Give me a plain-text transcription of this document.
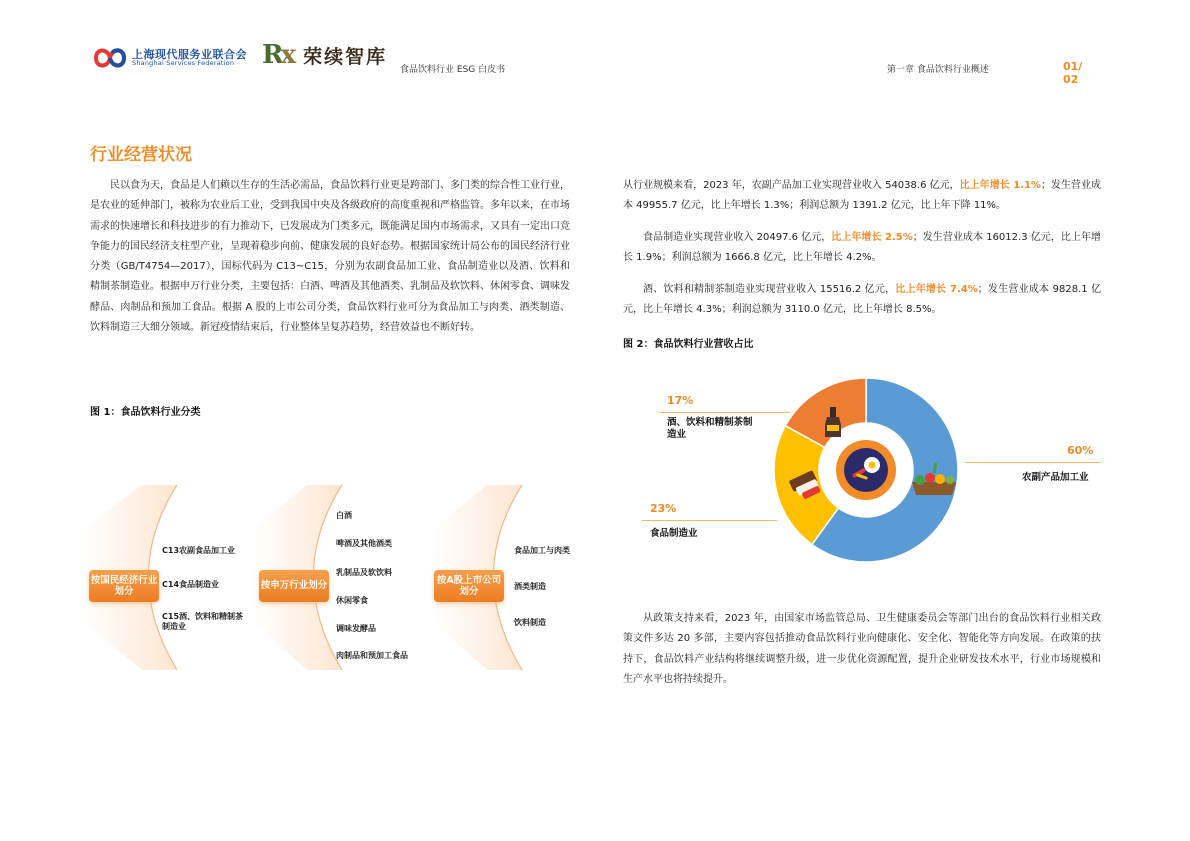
上海现代服务业联合会
Shanghai Services Federation	Rx 荣续智库
食品饮料行业 ESG 白皮书	第一章 食品饮料行业概述	01/ 02
行业经营状况
民以食为天，食品是人们赖以生存的生活必需品，食品饮料行业更是跨部门、多门类的综合性工业行业，是农业的延伸部门，被称为农业后工业，受到我国中央及各级政府的高度重视和严格监管。多年以来，在市场需求的快速增长和科技进步的有力推动下，已发展成为门类多元，既能满足国内市场需求，又具有一定出口竞争能力的国民经济支柱型产业，呈现着稳步向前、健康发展的良好态势。根据国家统计局公布的国民经济行业分类（GB/T4754—2017），国标代码为 C13~C15，分别为农副食品加工业、食品制造业以及酒、饮料和精制茶制造业。根据申万行业分类，主要包括：白酒、啤酒及其他酒类、乳制品及软饮料、休闲零食、调味发酵品、肉制品和预加工食品。根据 A 股的上市公司分类，食品饮料行业可分为食品加工与肉类、酒类制造、饮料制造三大细分领域。新冠疫情结束后，行业整体呈复苏趋势，经营效益也不断好转。
图 1：食品饮料行业分类
按国民经济行业划分
C13农副食品加工业
C14食品制造业
C15酒、饮料和精制茶制造业
按申万行业划分
白酒
啤酒及其他酒类
乳制品及软饮料
休闲零食
调味发酵品
肉制品和预加工食品
按A股上市公司划分
食品加工与肉类
酒类制造
饮料制造
从行业规模来看，2023 年，农副产品加工业实现营业收入 54038.6 亿元，比上年增长 1.1%；发生营业成本 49955.7 亿元，比上年增长 1.3%；利润总额为 1391.2 亿元，比上年下降 11%。
食品制造业实现营业收入 20497.6 亿元，比上年增长 2.5%；发生营业成本 16012.3 亿元，比上年增长 1.9%；利润总额为 1666.8 亿元，比上年增长 4.2%。
酒、饮料和精制茶制造业实现营业收入 15516.2 亿元，比上年增长 7.4%；发生营业成本 9828.1 亿元，比上年增长 4.3%；利润总额为 3110.0 亿元，比上年增长 8.5%。
图 2：食品饮料行业营收占比
17%
酒、饮料和精制茶制造业
60%
农副产品加工业
23%
食品制造业
从政策支持来看，2023 年，由国家市场监管总局、卫生健康委员会等部门出台的食品饮料行业相关政策文件多达 20 多部，主要内容包括推动食品饮料行业向健康化、安全化、智能化等方向发展。在政策的扶持下，食品饮料产业结构将继续调整升级，进一步优化资源配置，提升企业研发技术水平，行业市场规模和生产水平也将持续提升。
